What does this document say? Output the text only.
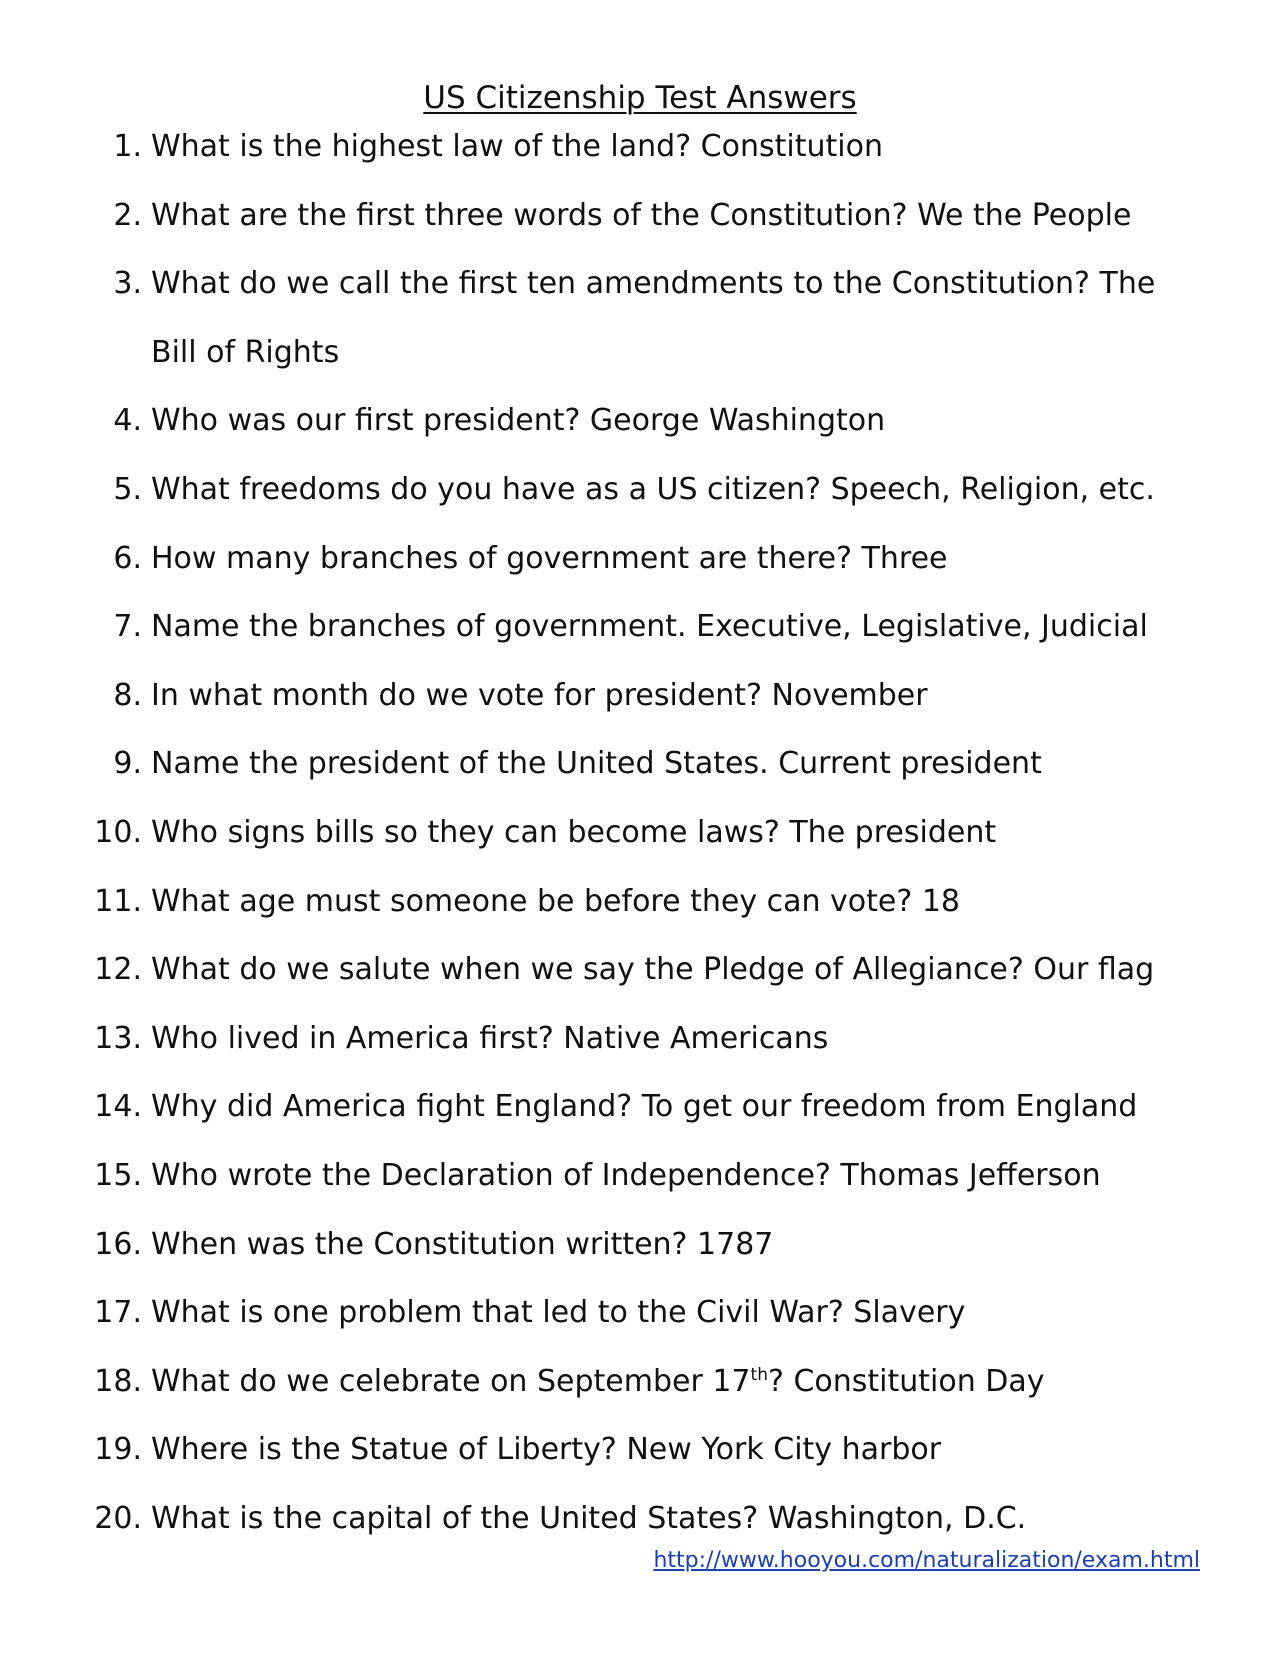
US Citizenship Test Answers
1. What is the highest law of the land? Constitution
2. What are the first three words of the Constitution? We the People
3. What do we call the first ten amendments to the Constitution? The Bill of Rights
4. Who was our first president? George Washington
5. What freedoms do you have as a US citizen? Speech, Religion, etc.
6. How many branches of government are there? Three
7. Name the branches of government. Executive, Legislative, Judicial
8. In what month do we vote for president? November
9. Name the president of the United States. Current president
10. Who signs bills so they can become laws? The president
11. What age must someone be before they can vote? 18
12. What do we salute when we say the Pledge of Allegiance? Our flag
13. Who lived in America first? Native Americans
14. Why did America fight England? To get our freedom from England
15. Who wrote the Declaration of Independence? Thomas Jefferson
16. When was the Constitution written? 1787
17. What is one problem that led to the Civil War? Slavery
18. What do we celebrate on September 17th? Constitution Day
19. Where is the Statue of Liberty? New York City harbor
20. What is the capital of the United States? Washington, D.C.
http://www.hooyou.com/naturalization/exam.html
